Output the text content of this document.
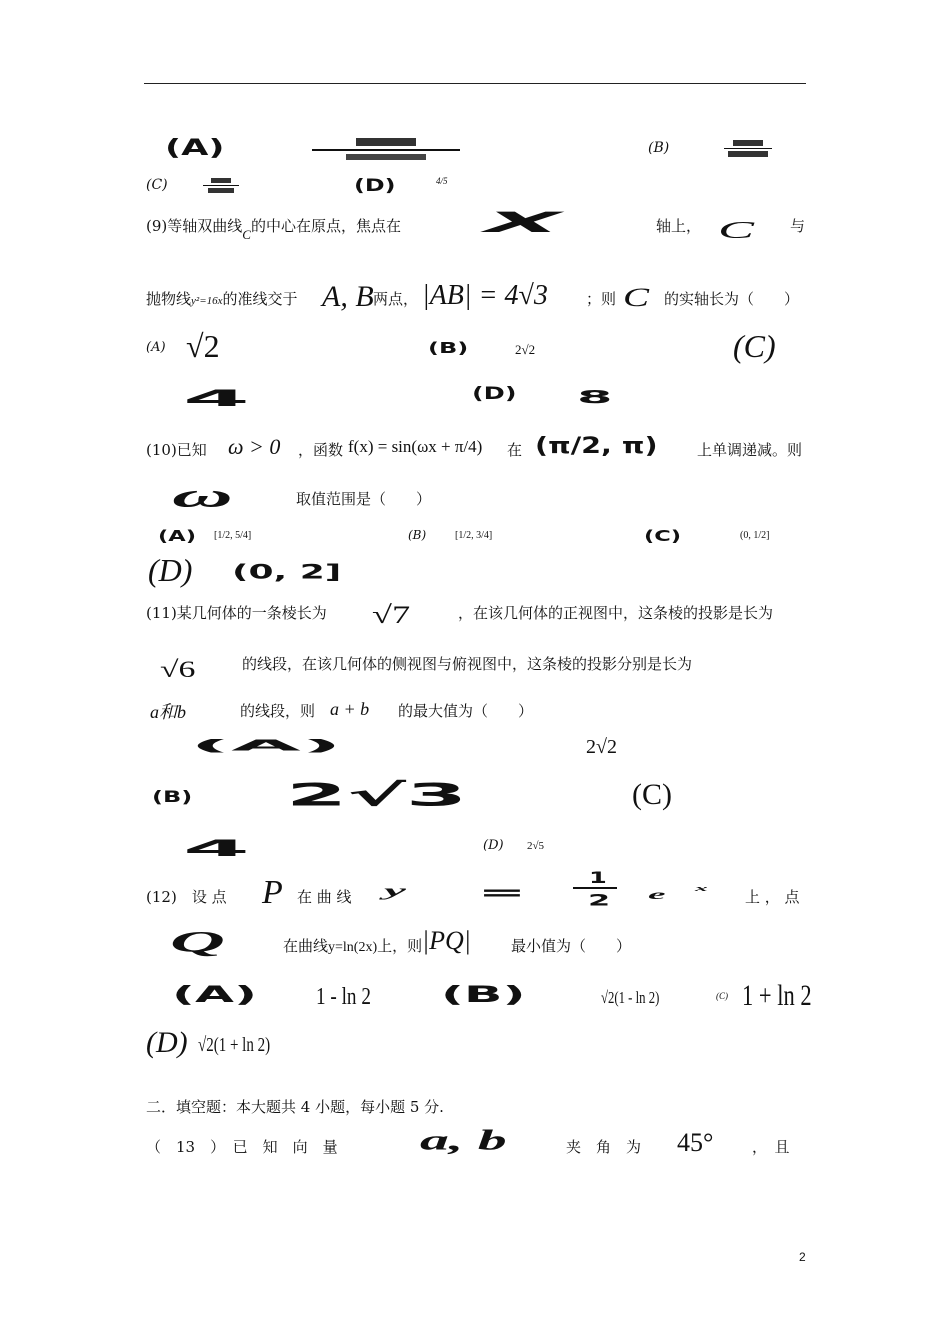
(A)	(B)
(C)	(D)	4/5
(9)等轴双曲线C的中心在原点，焦点在 X	轴上， C 与
抛物线y²=16x的准线交于 A, B 两点， |AB| = 4√3	；则 C 的实轴长为（　　）
(A) √2	(B)	2√2	(C)
4	(D) 8
(10)已知 ω > 0 ，函数 f(x) = sin(ωx + π/4) 在 (π/2, π)	上单调递减。则
ω	取值范围是（　　）
(A) [1/2, 5/4]	(B)	[1/2, 3/4]	(C)	(0, 1/2]
(D) (0, 2]
(11)某几何体的一条棱长为 √7	，在该几何体的正视图中，这条棱的投影是长为
√6	的线段，在该几何体的侧视图与俯视图中，这条棱的投影分别是长为
a和b	的线段，则 a + b 的最大值为（　　）
(A)	2√2
(B) 2√3	(C)
4	(D) 2√5
(12)　 设 点 P 在 曲 线 y	=
1
2	e $^x$ 上 ， 点
Q	在曲线y=ln(2x)上，则 |PQ|	最小值为（　　）
(A) 1 - ln 2	(B)	√2(1 - ln 2)	(C) 1 + ln 2
(D) √2(1 + ln 2)
二．填空题：本大题共 4 小题，每小题 5 分.
（　13　）　 已　知　向　量 a, b	夹　角　为 45°	，　且
2
